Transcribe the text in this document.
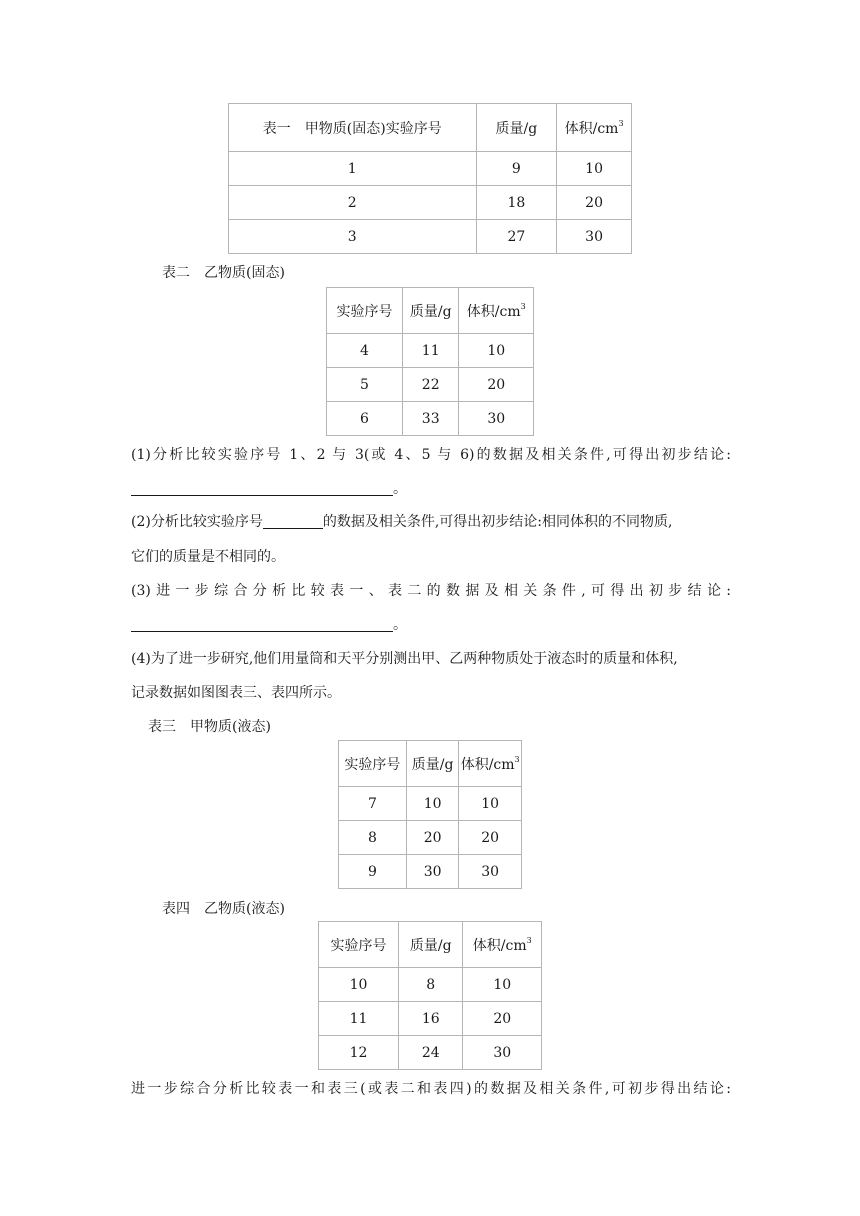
表一　甲物质(固态)实验序号	质量/g	体积$/cm^3$
1	9	10
2	18	20
3	27	30
表二　乙物质(固态)
实验序号	质量/g	体积$/cm^3$
4	11	10
5	22	20
6	33	30
(1)分析比较实验序号 1、2 与 3(或 4、5 与 6)的数据及相关条件,可得出初步结论:
。
(2)分析比较实验序号	的数据及相关条件,可得出初步结论:相同体积的不同物质,
它们的质量是不相同的。
(3)进一步综合分析比较表一、表二的数据及相关条件,可得出初步结论:
。
(4)为了进一步研究,他们用量筒和天平分别测出甲、乙两种物质处于液态时的质量和体积,
记录数据如图图表三、表四所示。
表三　甲物质(液态)
实验序号	质量/g	体积$/cm^3$
7	10	10
8	20	20
9	30	30
表四　乙物质(液态)
实验序号	质量/g	体积$/cm^3$
10	8	10
11	16	20
12	24	30
进一步综合分析比较表一和表三(或表二和表四)的数据及相关条件,可初步得出结论:
